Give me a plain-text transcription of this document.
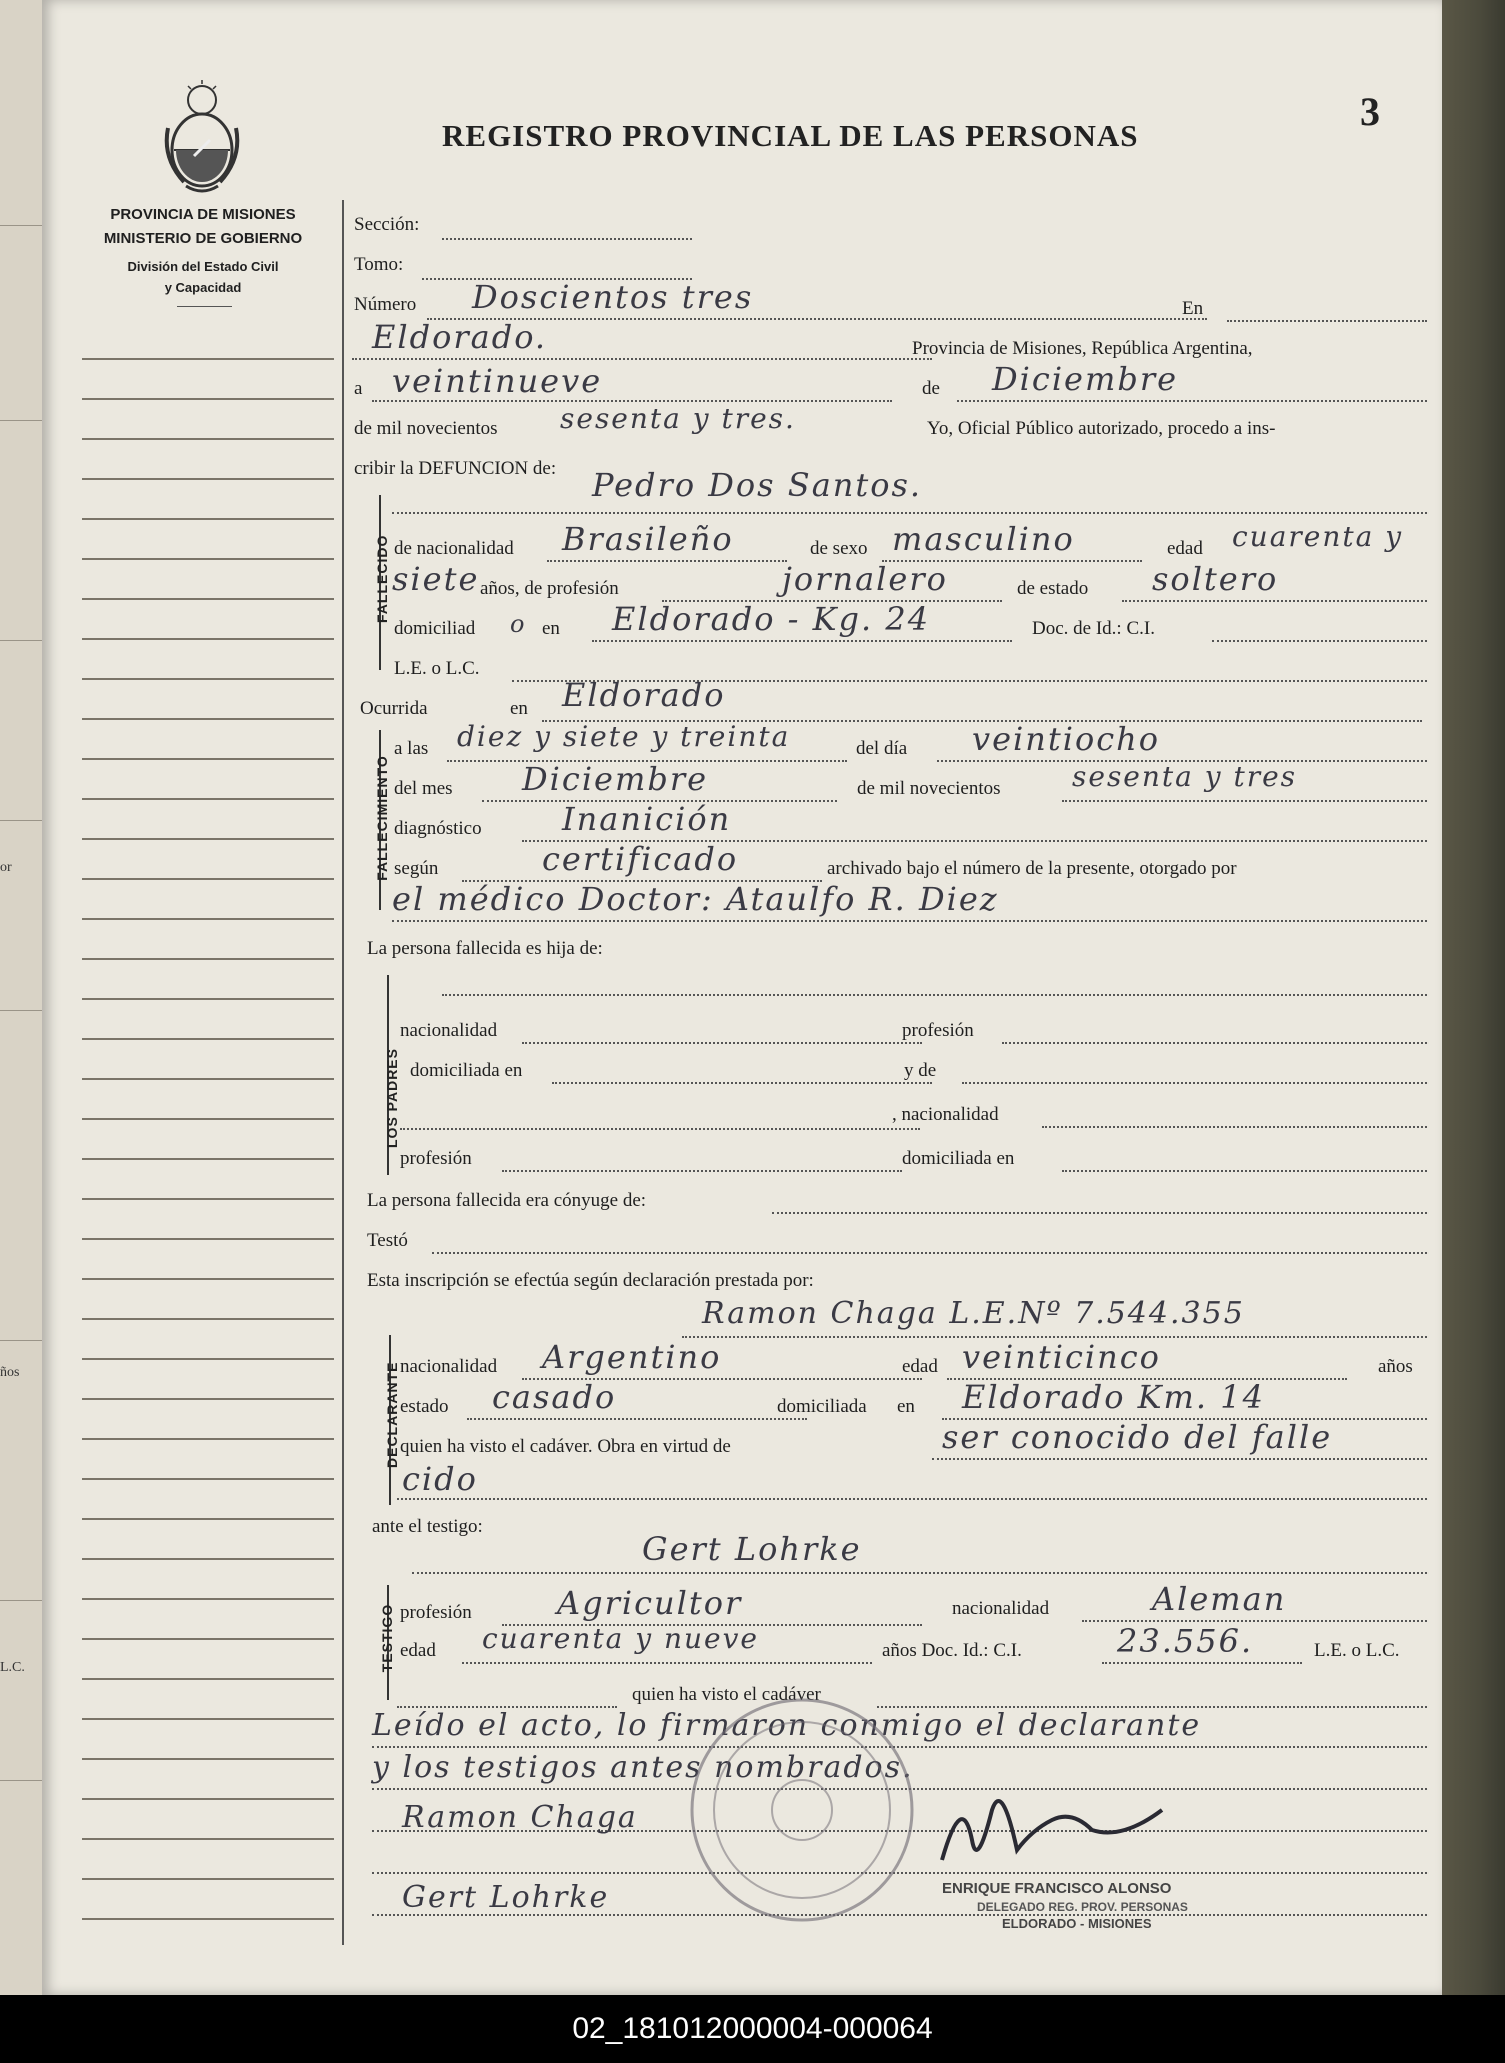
or
ños
L.C.
3
PROVINCIA DE MISIONES
MINISTERIO DE GOBIERNO
División del Estado Civil
y Capacidad
REGISTRO PROVINCIAL DE LAS PERSONAS
Sección:
Tomo:
Número Doscientos tres	En
Eldorado.	Provincia de Misiones, República Argentina,
a veintinueve	de Diciembre
de mil novecientos sesenta y tres.	Yo, Oficial Público autorizado, procedo a ins-
cribir la DEFUNCION de:
FALLECIDO
Pedro Dos Santos.
de nacionalidad Brasileño	de sexo masculino	edad cuarenta y
siete años, de profesión	jornalero	de estado soltero
domiciliad o en Eldorado - Kg. 24	Doc. de Id.: C.I.
L.E. o L.C.
Ocurrida	en Eldorado
FALLECIMIENTO
a las diez y siete y treinta	del día veintiocho
del mes Diciembre	de mil novecientos	sesenta y tres
diagnóstico	Inanición
según	certificado	archivado bajo el número de la presente, otorgado por
el médico Doctor: Ataulfo R. Diez
La persona fallecida es hija de:
LOS PADRES
nacionalidad	profesión
domiciliada en	y de
, nacionalidad
profesión	domiciliada en
La persona fallecida era cónyuge de:
Testó
Esta inscripción se efectúa según declaración prestada por:
Ramon Chaga L.E.Nº 7.544.355
DECLARANTE nacionalidad Argentino	edad veinticinco	años
estado casado	domiciliada en Eldorado Km. 14
quien ha visto el cadáver. Obra en virtud de	ser conocido del falle
cido
ante el testigo:
Gert Lohrke
TESTIGO profesión	Agricultor	nacionalidad	Aleman
edad cuarenta y nueve	años Doc. Id.: C.I.	23.556.	L.E. o L.C.
quien ha visto el cadáver
Leído el acto, lo firmaron conmigo el declarante
y los testigos antes nombrados.
Ramon Chaga
Gert Lohrke	ENRIQUE FRANCISCO ALONSO
DELEGADO REG. PROV. PERSONAS
ELDORADO - MISIONES
02_181012000004-000064
